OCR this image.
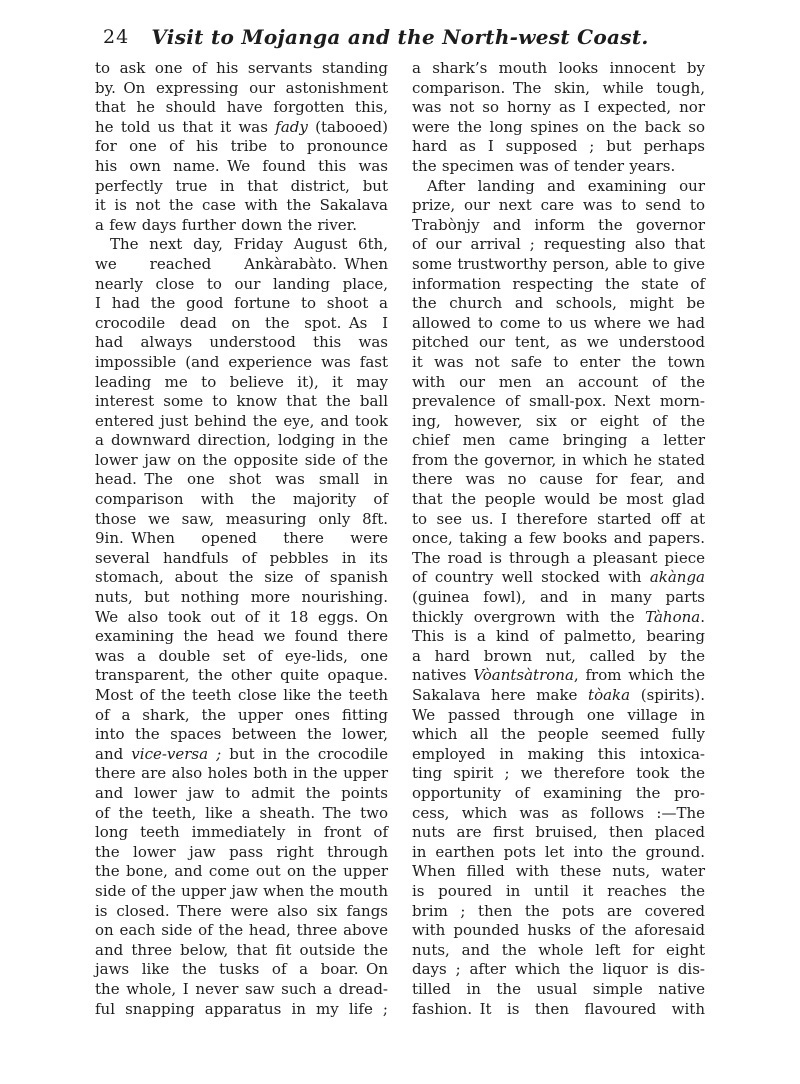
24	Visit to Mojanga and the North-west Coast.
to ask one of his servants standing
by. On expressing our astonishment
that he should have forgotten this,
he told us that it was fady (tabooed)
for one of his tribe to pronounce
his own name. We found this was
perfectly true in that district, but
it is not the case with the Sakalava
a few days further down the river.
The next day, Friday August 6th,
we reached Ankàrabàto. When
nearly close to our landing place,
I had the good fortune to shoot a
crocodile dead on the spot. As I
had always understood this was
impossible (and experience was fast
leading me to believe it), it may
interest some to know that the ball
entered just behind the eye, and took
a downward direction, lodging in the
lower jaw on the opposite side of the
head. The one shot was small in
comparison with the majority of
those we saw, measuring only 8ft.
9in. When opened there were
several handfuls of pebbles in its
stomach, about the size of spanish
nuts, but nothing more nourishing.
We also took out of it 18 eggs. On
examining the head we found there
was a double set of eye-lids, one
transparent, the other quite opaque.
Most of the teeth close like the teeth
of a shark, the upper ones fitting
into the spaces between the lower,
and vice-versa ; but in the crocodile
there are also holes both in the upper
and lower jaw to admit the points
of the teeth, like a sheath. The two
long teeth immediately in front of
the lower jaw pass right through
the bone, and come out on the upper
side of the upper jaw when the mouth
is closed. There were also six fangs
on each side of the head, three above
and three below, that fit outside the
jaws like the tusks of a boar. On
the whole, I never saw such a dread-
ful snapping apparatus in my life ;
a shark’s mouth looks innocent by
comparison. The skin, while tough,
was not so horny as I expected, nor
were the long spines on the back so
hard as I supposed ; but perhaps
the specimen was of tender years.
After landing and examining our
prize, our next care was to send to
Trabònjy and inform the governor
of our arrival ; requesting also that
some trustworthy person, able to give
information respecting the state of
the church and schools, might be
allowed to come to us where we had
pitched our tent, as we understood
it was not safe to enter the town
with our men an account of the
prevalence of small-pox. Next morn-
ing, however, six or eight of the
chief men came bringing a letter
from the governor, in which he stated
there was no cause for fear, and
that the people would be most glad
to see us. I therefore started off at
once, taking a few books and papers.
The road is through a pleasant piece
of country well stocked with akànga
(guinea fowl), and in many parts
thickly overgrown with the Tàhona.
This is a kind of palmetto, bearing
a hard brown nut, called by the
natives Vòantsàtrona, from which the
Sakalava here make tòaka (spirits).
We passed through one village in
which all the people seemed fully
employed in making this intoxica-
ting spirit ; we therefore took the
opportunity of examining the pro-
cess, which was as follows :—The
nuts are first bruised, then placed
in earthen pots let into the ground.
When filled with these nuts, water
is poured in until it reaches the
brim ; then the pots are covered
with pounded husks of the aforesaid
nuts, and the whole left for eight
days ; after which the liquor is dis-
tilled in the usual simple native
fashion. It is then flavoured with
